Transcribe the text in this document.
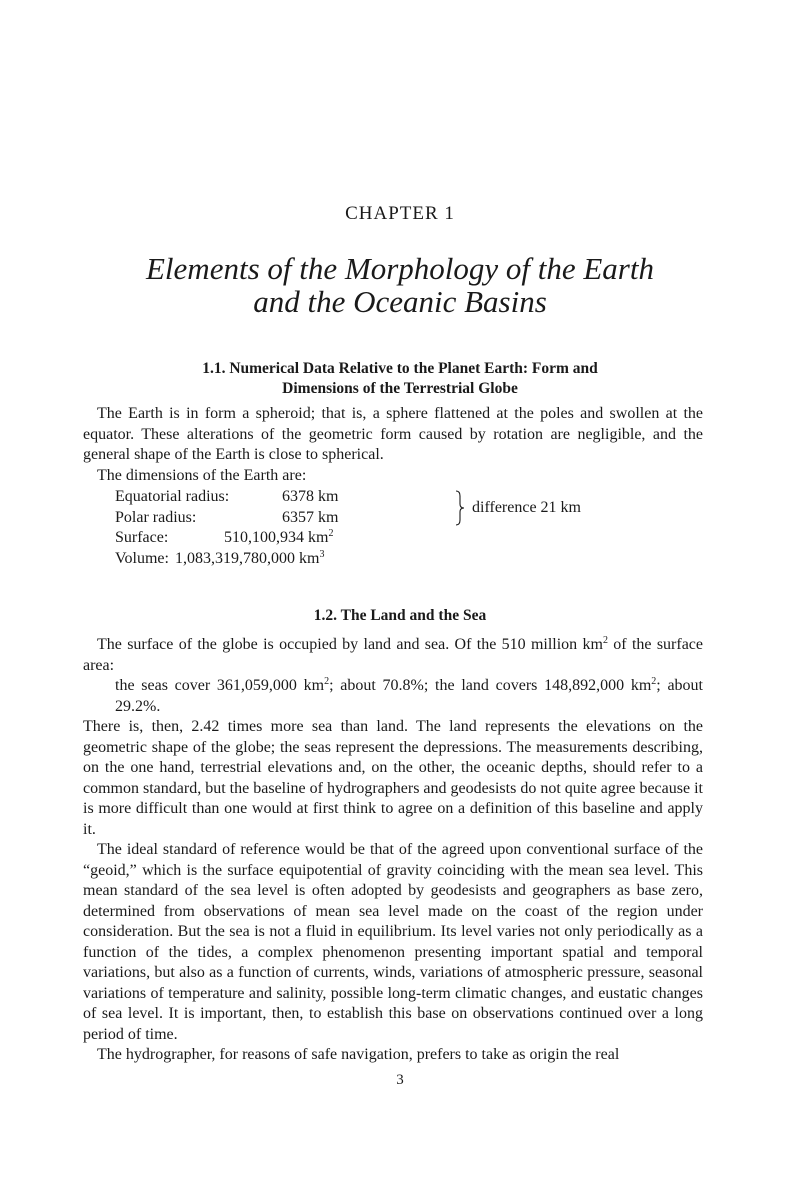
CHAPTER 1
Elements of the Morphology of the Earth
and the Oceanic Basins
1.1. Numerical Data Relative to the Planet Earth: Form and
Dimensions of the Terrestrial Globe

The Earth is in form a spheroid; that is, a sphere flattened at the poles and swollen at the equator. These alterations of the geometric form caused by rotation are negligible, and the general shape of the Earth is close to spherical.

The dimensions of the Earth are:

Equatorial radius:	6378 km
Polar radius:	6357 km
difference 21 km
Surface:	510,100,934 $km^2$
Volume: 1,083,319,780,000 $km^3$
1.2. The Land and the Sea

The surface of the globe is occupied by land and sea. Of the 510 million $km^2$ of the surface area:

the seas cover 361,059,000 $km^2$; about 70.8%; the land covers 148,892,000 $km^2$; about 29.2%.

There is, then, 2.42 times more sea than land. The land represents the elevations on the geometric shape of the globe; the seas represent the depressions. The measurements describing, on the one hand, terrestrial elevations and, on the other, the oceanic depths, should refer to a common standard, but the baseline of hydrographers and geodesists do not quite agree because it is more difficult than one would at first think to agree on a definition of this baseline and apply it.

The ideal standard of reference would be that of the agreed upon conventional surface of the “geoid,” which is the surface equipotential of gravity coinciding with the mean sea level. This mean standard of the sea level is often adopted by geodesists and geographers as base zero, determined from observations of mean sea level made on the coast of the region under consideration. But the sea is not a fluid in equilibrium. Its level varies not only periodically as a function of the tides, a complex phenomenon presenting important spatial and temporal variations, but also as a function of currents, winds, variations of atmospheric pressure, seasonal variations of temperature and salinity, possible long-term climatic changes, and eustatic changes of sea level. It is important, then, to establish this base on observations continued over a long period of time.

The hydrographer, for reasons of safe navigation, prefers to take as origin the real

3
